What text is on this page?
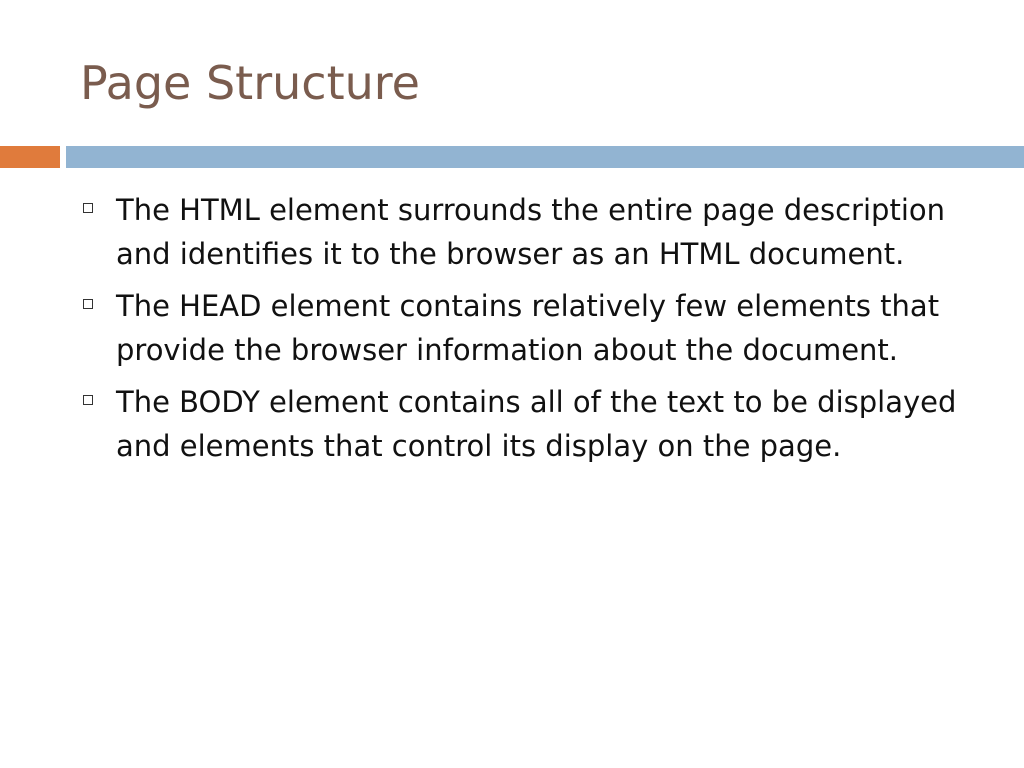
Page Structure
The HTML element surrounds the entire page description and identifies it to the browser as an HTML document.
The HEAD element contains relatively few elements that provide the browser information about the document.
The BODY element contains all of the text to be displayed and elements that control its display on the page.
